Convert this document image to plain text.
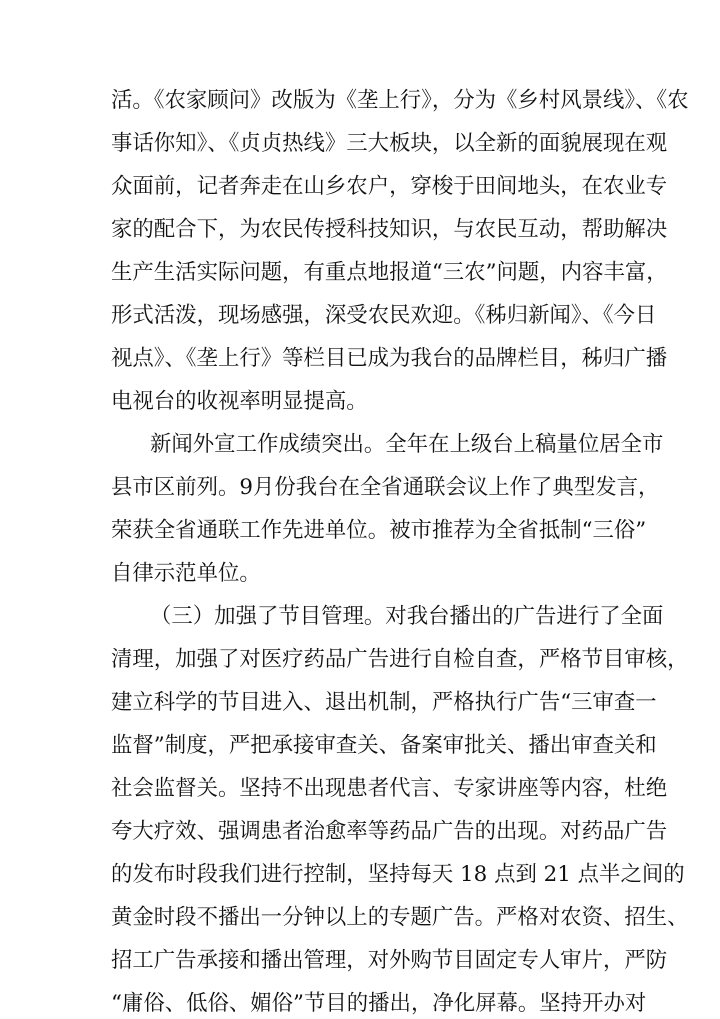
活。《农家顾问》改版为《垄上行》，分为《乡村风景线》、《农
事话你知》、《贞贞热线》三大板块，以全新的面貌展现在观
众面前，记者奔走在山乡农户，穿梭于田间地头，在农业专
家的配合下，为农民传授科技知识，与农民互动，帮助解决
生产生活实际问题，有重点地报道“三农”问题，内容丰富，
形式活泼，现场感强，深受农民欢迎。《秭归新闻》、《今日
视点》、《垄上行》等栏目已成为我台的品牌栏目，秭归广播
电视台的收视率明显提高。
新闻外宣工作成绩突出。全年在上级台上稿量位居全市
县市区前列。9月份我台在全省通联会议上作了典型发言，
荣获全省通联工作先进单位。被市推荐为全省抵制“三俗”
自律示范单位。
（三）加强了节目管理。对我台播出的广告进行了全面
清理，加强了对医疗药品广告进行自检自查，严格节目审核，
建立科学的节目进入、退出机制，严格执行广告“三审查一
监督”制度，严把承接审查关、备案审批关、播出审查关和
社会监督关。坚持不出现患者代言、专家讲座等内容，杜绝
夸大疗效、强调患者治愈率等药品广告的出现。对药品广告
的发布时段我们进行控制，坚持每天 18 点到 21 点半之间的
黄金时段不播出一分钟以上的专题广告。严格对农资、招生、
招工广告承接和播出管理，对外购节目固定专人审片，严防
“庸俗、低俗、媚俗”节目的播出，净化屏幕。坚持开办对
